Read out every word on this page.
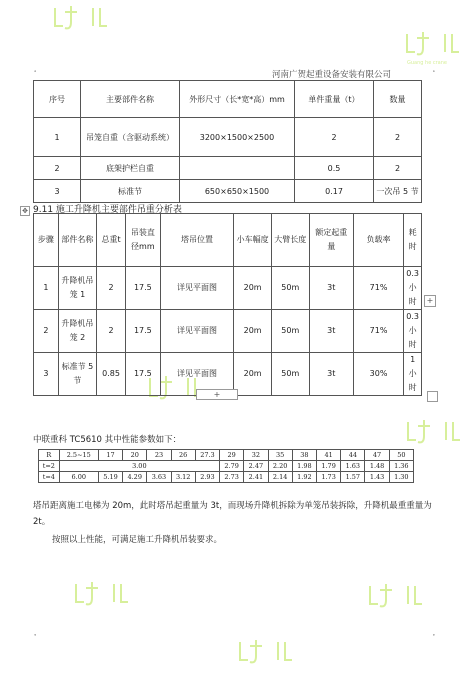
Guang he crane
河南广贺起重设备安装有限公司
序号	主要部件名称	外形尺寸（长*宽*高）mm	单件重量（t）	数量
1	吊笼自重（含驱动系统）	3200×1500×2500	2	2
2	底架护栏自重		0.5	2
3	标准节	650×650×1500	0.17	一次吊 5 节
✥ 9.11 施工升降机主要部件吊重分析表
步骤	部件名称	总重t	吊装直径mm	塔吊位置	小车幅度	大臂长度	额定起重量	负载率	耗时
1	升降机吊笼 1	2	17.5	详见平面图	20m	50m	3t	71%	0.3 小时
2	升降机吊笼 2	2	17.5	详见平面图	20m	50m	3t	71%	0.3 小时
3	标准节 5 节	0.85	17.5	详见平面图	20m	50m	3t	30%	1 小时
+
+
中联重科 TC5610 其中性能参数如下：
R	2.5~15	17	20	23	26	27.3	29	32	35	38	41	44	47	50
t=2	3.00						2.79	2.47	2.20	1.98	1.79	1.63	1.48	1.36
t=4	6.00	5.19	4.29	3.63	3.12	2.93	2.73	2.41	2.14	1.92	1.73	1.57	1.43	1.30
塔吊距离施工电梯为 20m，此时塔吊起重量为 3t，而现场升降机拆除为单笼吊装拆除，升降机最重重量为 2t。
按照以上性能，可满足施工升降机吊装要求。
